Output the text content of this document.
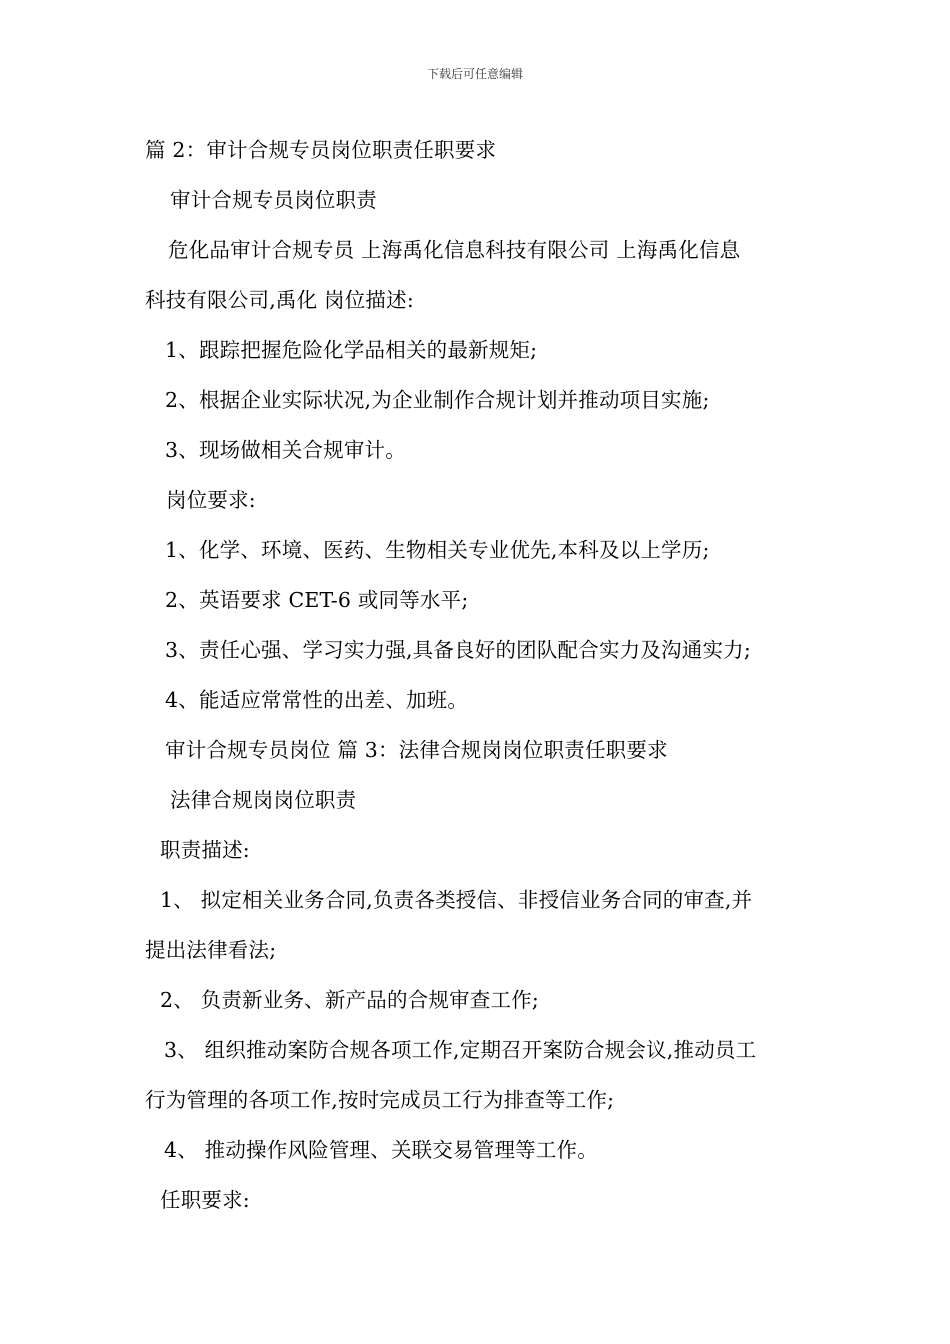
下载后可任意编辑
篇 2：审计合规专员岗位职责任职要求
审计合规专员岗位职责
危化品审计合规专员 上海禹化信息科技有限公司 上海禹化信息
科技有限公司,禹化 岗位描述:
1、跟踪把握危险化学品相关的最新规矩;
2、根据企业实际状况,为企业制作合规计划并推动项目实施;
3、现场做相关合规审计。
岗位要求:
1、化学、环境、医药、生物相关专业优先,本科及以上学历;
2、英语要求 CET-6 或同等水平;
3、责任心强、学习实力强,具备良好的团队配合实力及沟通实力;
4、能适应常常性的出差、加班。
审计合规专员岗位 篇 3：法律合规岗岗位职责任职要求
法律合规岗岗位职责
职责描述:
1、 拟定相关业务合同,负责各类授信、非授信业务合同的审查,并
提出法律看法;
2、 负责新业务、新产品的合规审查工作;
3、 组织推动案防合规各项工作,定期召开案防合规会议,推动员工
行为管理的各项工作,按时完成员工行为排查等工作;
4、 推动操作风险管理、关联交易管理等工作。
任职要求:
